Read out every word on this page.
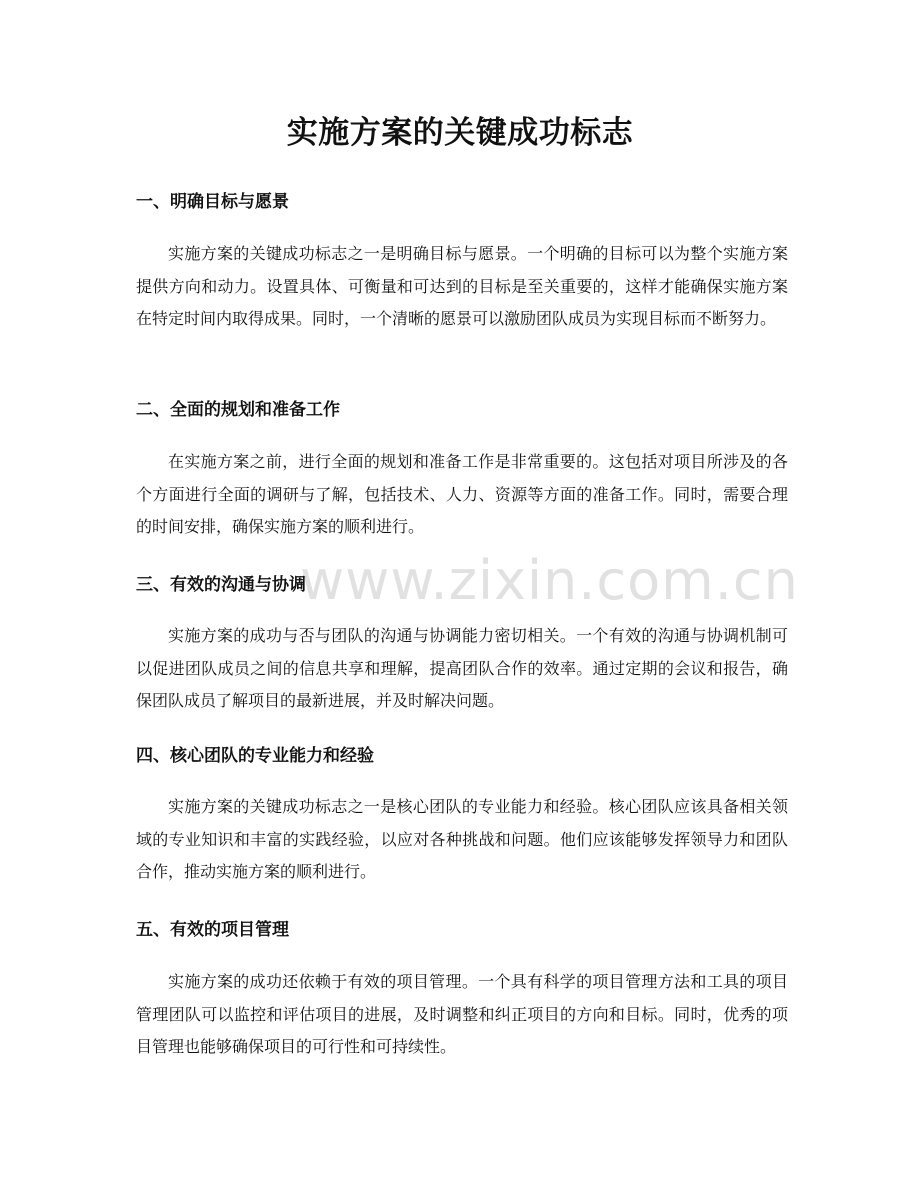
实施方案的关键成功标志
一、明确目标与愿景
实施方案的关键成功标志之一是明确目标与愿景。一个明确的目标可以为整个实施方案提供方向和动力。设置具体、可衡量和可达到的目标是至关重要的，这样才能确保实施方案在特定时间内取得成果。同时，一个清晰的愿景可以激励团队成员为实现目标而不断努力。
二、全面的规划和准备工作
在实施方案之前，进行全面的规划和准备工作是非常重要的。这包括对项目所涉及的各个方面进行全面的调研与了解，包括技术、人力、资源等方面的准备工作。同时，需要合理的时间安排，确保实施方案的顺利进行。
三、有效的沟通与协调
实施方案的成功与否与团队的沟通与协调能力密切相关。一个有效的沟通与协调机制可以促进团队成员之间的信息共享和理解，提高团队合作的效率。通过定期的会议和报告，确保团队成员了解项目的最新进展，并及时解决问题。
四、核心团队的专业能力和经验
实施方案的关键成功标志之一是核心团队的专业能力和经验。核心团队应该具备相关领域的专业知识和丰富的实践经验，以应对各种挑战和问题。他们应该能够发挥领导力和团队合作，推动实施方案的顺利进行。
五、有效的项目管理
实施方案的成功还依赖于有效的项目管理。一个具有科学的项目管理方法和工具的项目管理团队可以监控和评估项目的进展，及时调整和纠正项目的方向和目标。同时，优秀的项目管理也能够确保项目的可行性和可持续性。
www.zixin.com.cn
